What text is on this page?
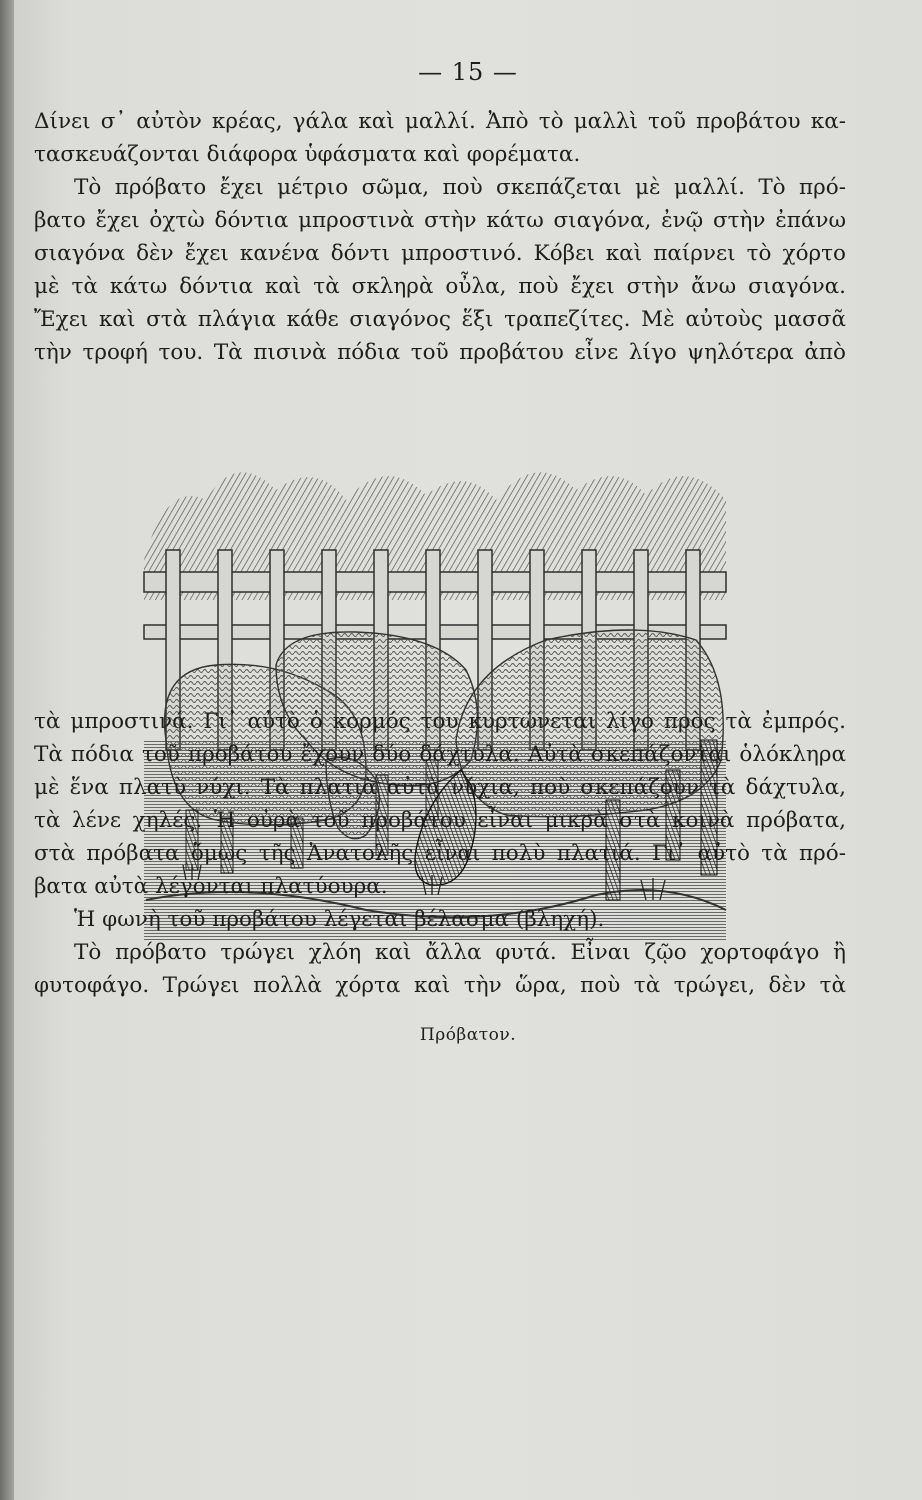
— 15 —
Δίνει σ᾽ αὐτὸν κρέας, γάλα καὶ μαλλί. Ἀπὸ τὸ μαλλὶ τοῦ προβάτου κα-
τασκευάζονται διάφορα ὑφάσματα καὶ φορέματα.
Τὸ πρόβατο ἔχει μέτριο σῶμα, ποὺ σκεπάζεται μὲ μαλλί. Τὸ πρό-
βατο ἔχει ὀχτὼ δόντια μπροστινὰ στὴν κάτω σιαγόνα, ἐνῷ στὴν ἐπάνω
σιαγόνα δὲν ἔχει κανένα δόντι μπροστινό. Κόβει καὶ παίρνει τὸ χόρτο
μὲ τὰ κάτω δόντια καὶ τὰ σκληρὰ οὖλα, ποὺ ἔχει στὴν ἄνω σιαγόνα.
Ἔχει καὶ στὰ πλάγια κάθε σιαγόνος ἕξι τραπεζίτες. Μὲ αὐτοὺς μασσᾶ
τὴν τροφή του. Τὰ πισινὰ πόδια τοῦ προβάτου εἶνε λίγο ψηλότερα ἀπὸ
Πρόβατον.
τὰ μπροστινά. Γι᾽ αὐτὸ ὁ κορμός του κυρτώνεται λίγο πρὸς τὰ ἐμπρός.
Τὰ πόδια τοῦ προβάτου ἔχουν δύο δάχτυλα. Αὐτὰ σκεπάζονται ὁλόκληρα
μὲ ἕνα πλατὺ νύχι. Τὰ πλατιὰ αὐτὰ νύχια, ποὺ σκεπάζουν τὰ δάχτυλα,
τὰ λένε χηλές. Ἡ οὐρὰ τοῦ προβάτου εἶναι μικρὰ στὰ κοινὰ πρόβατα,
στὰ πρόβατα ὅμως τῆς Ἀνατολῆς εἶναι πολὺ πλατιά. Γι᾽ αὐτὸ τὰ πρό-
βατα αὐτὰ λέγονται πλατύουρα.
Ἡ φωνὴ τοῦ προβάτου λέγεται βέλασμα (βληχή).
Τὸ πρόβατο τρώγει χλόη καὶ ἄλλα φυτά. Εἶναι ζῷο χορτοφάγο ἢ
φυτοφάγο. Τρώγει πολλὰ χόρτα καὶ τὴν ὥρα, ποὺ τὰ τρώγει, δὲν τὰ
